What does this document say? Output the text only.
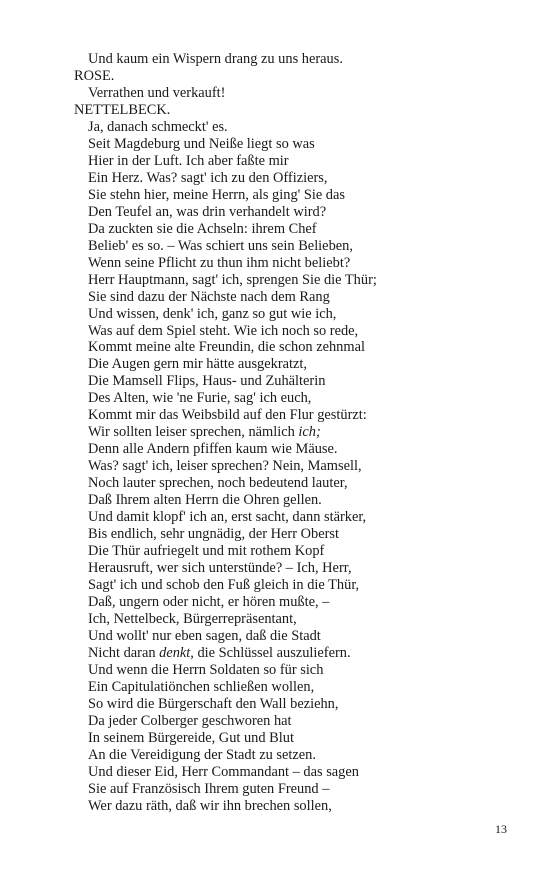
Und kaum ein Wispern drang zu uns heraus.
ROSE.
Verrathen und verkauft!
NETTELBECK.
Ja, danach schmeckt' es.
Seit Magdeburg und Neiße liegt so was
Hier in der Luft. Ich aber faßte mir
Ein Herz. Was? sagt' ich zu den Offiziers,
Sie stehn hier, meine Herrn, als ging' Sie das
Den Teufel an, was drin verhandelt wird?
Da zuckten sie die Achseln: ihrem Chef
Belieb' es so. – Was schiert uns sein Belieben,
Wenn seine Pflicht zu thun ihm nicht beliebt?
Herr Hauptmann, sagt' ich, sprengen Sie die Thür;
Sie sind dazu der Nächste nach dem Rang
Und wissen, denk' ich, ganz so gut wie ich,
Was auf dem Spiel steht. Wie ich noch so rede,
Kommt meine alte Freundin, die schon zehnmal
Die Augen gern mir hätte ausgekratzt,
Die Mamsell Flips, Haus- und Zuhälterin
Des Alten, wie 'ne Furie, sag' ich euch,
Kommt mir das Weibsbild auf den Flur gestürzt:
Wir sollten leiser sprechen, nämlich ich;
Denn alle Andern pfiffen kaum wie Mäuse.
Was? sagt' ich, leiser sprechen? Nein, Mamsell,
Noch lauter sprechen, noch bedeutend lauter,
Daß Ihrem alten Herrn die Ohren gellen.
Und damit klopf' ich an, erst sacht, dann stärker,
Bis endlich, sehr ungnädig, der Herr Oberst
Die Thür aufriegelt und mit rothem Kopf
Herausruft, wer sich unterstünde? – Ich, Herr,
Sagt' ich und schob den Fuß gleich in die Thür,
Daß, ungern oder nicht, er hören mußte, –
Ich, Nettelbeck, Bürgerrepräsentant,
Und wollt' nur eben sagen, daß die Stadt
Nicht daran denkt, die Schlüssel auszuliefern.
Und wenn die Herrn Soldaten so für sich
Ein Capitulatiönchen schließen wollen,
So wird die Bürgerschaft den Wall beziehn,
Da jeder Colberger geschworen hat
In seinem Bürgereide, Gut und Blut
An die Vereidigung der Stadt zu setzen.
Und dieser Eid, Herr Commandant – das sagen
Sie auf Französisch Ihrem guten Freund –
Wer dazu räth, daß wir ihn brechen sollen,
13
